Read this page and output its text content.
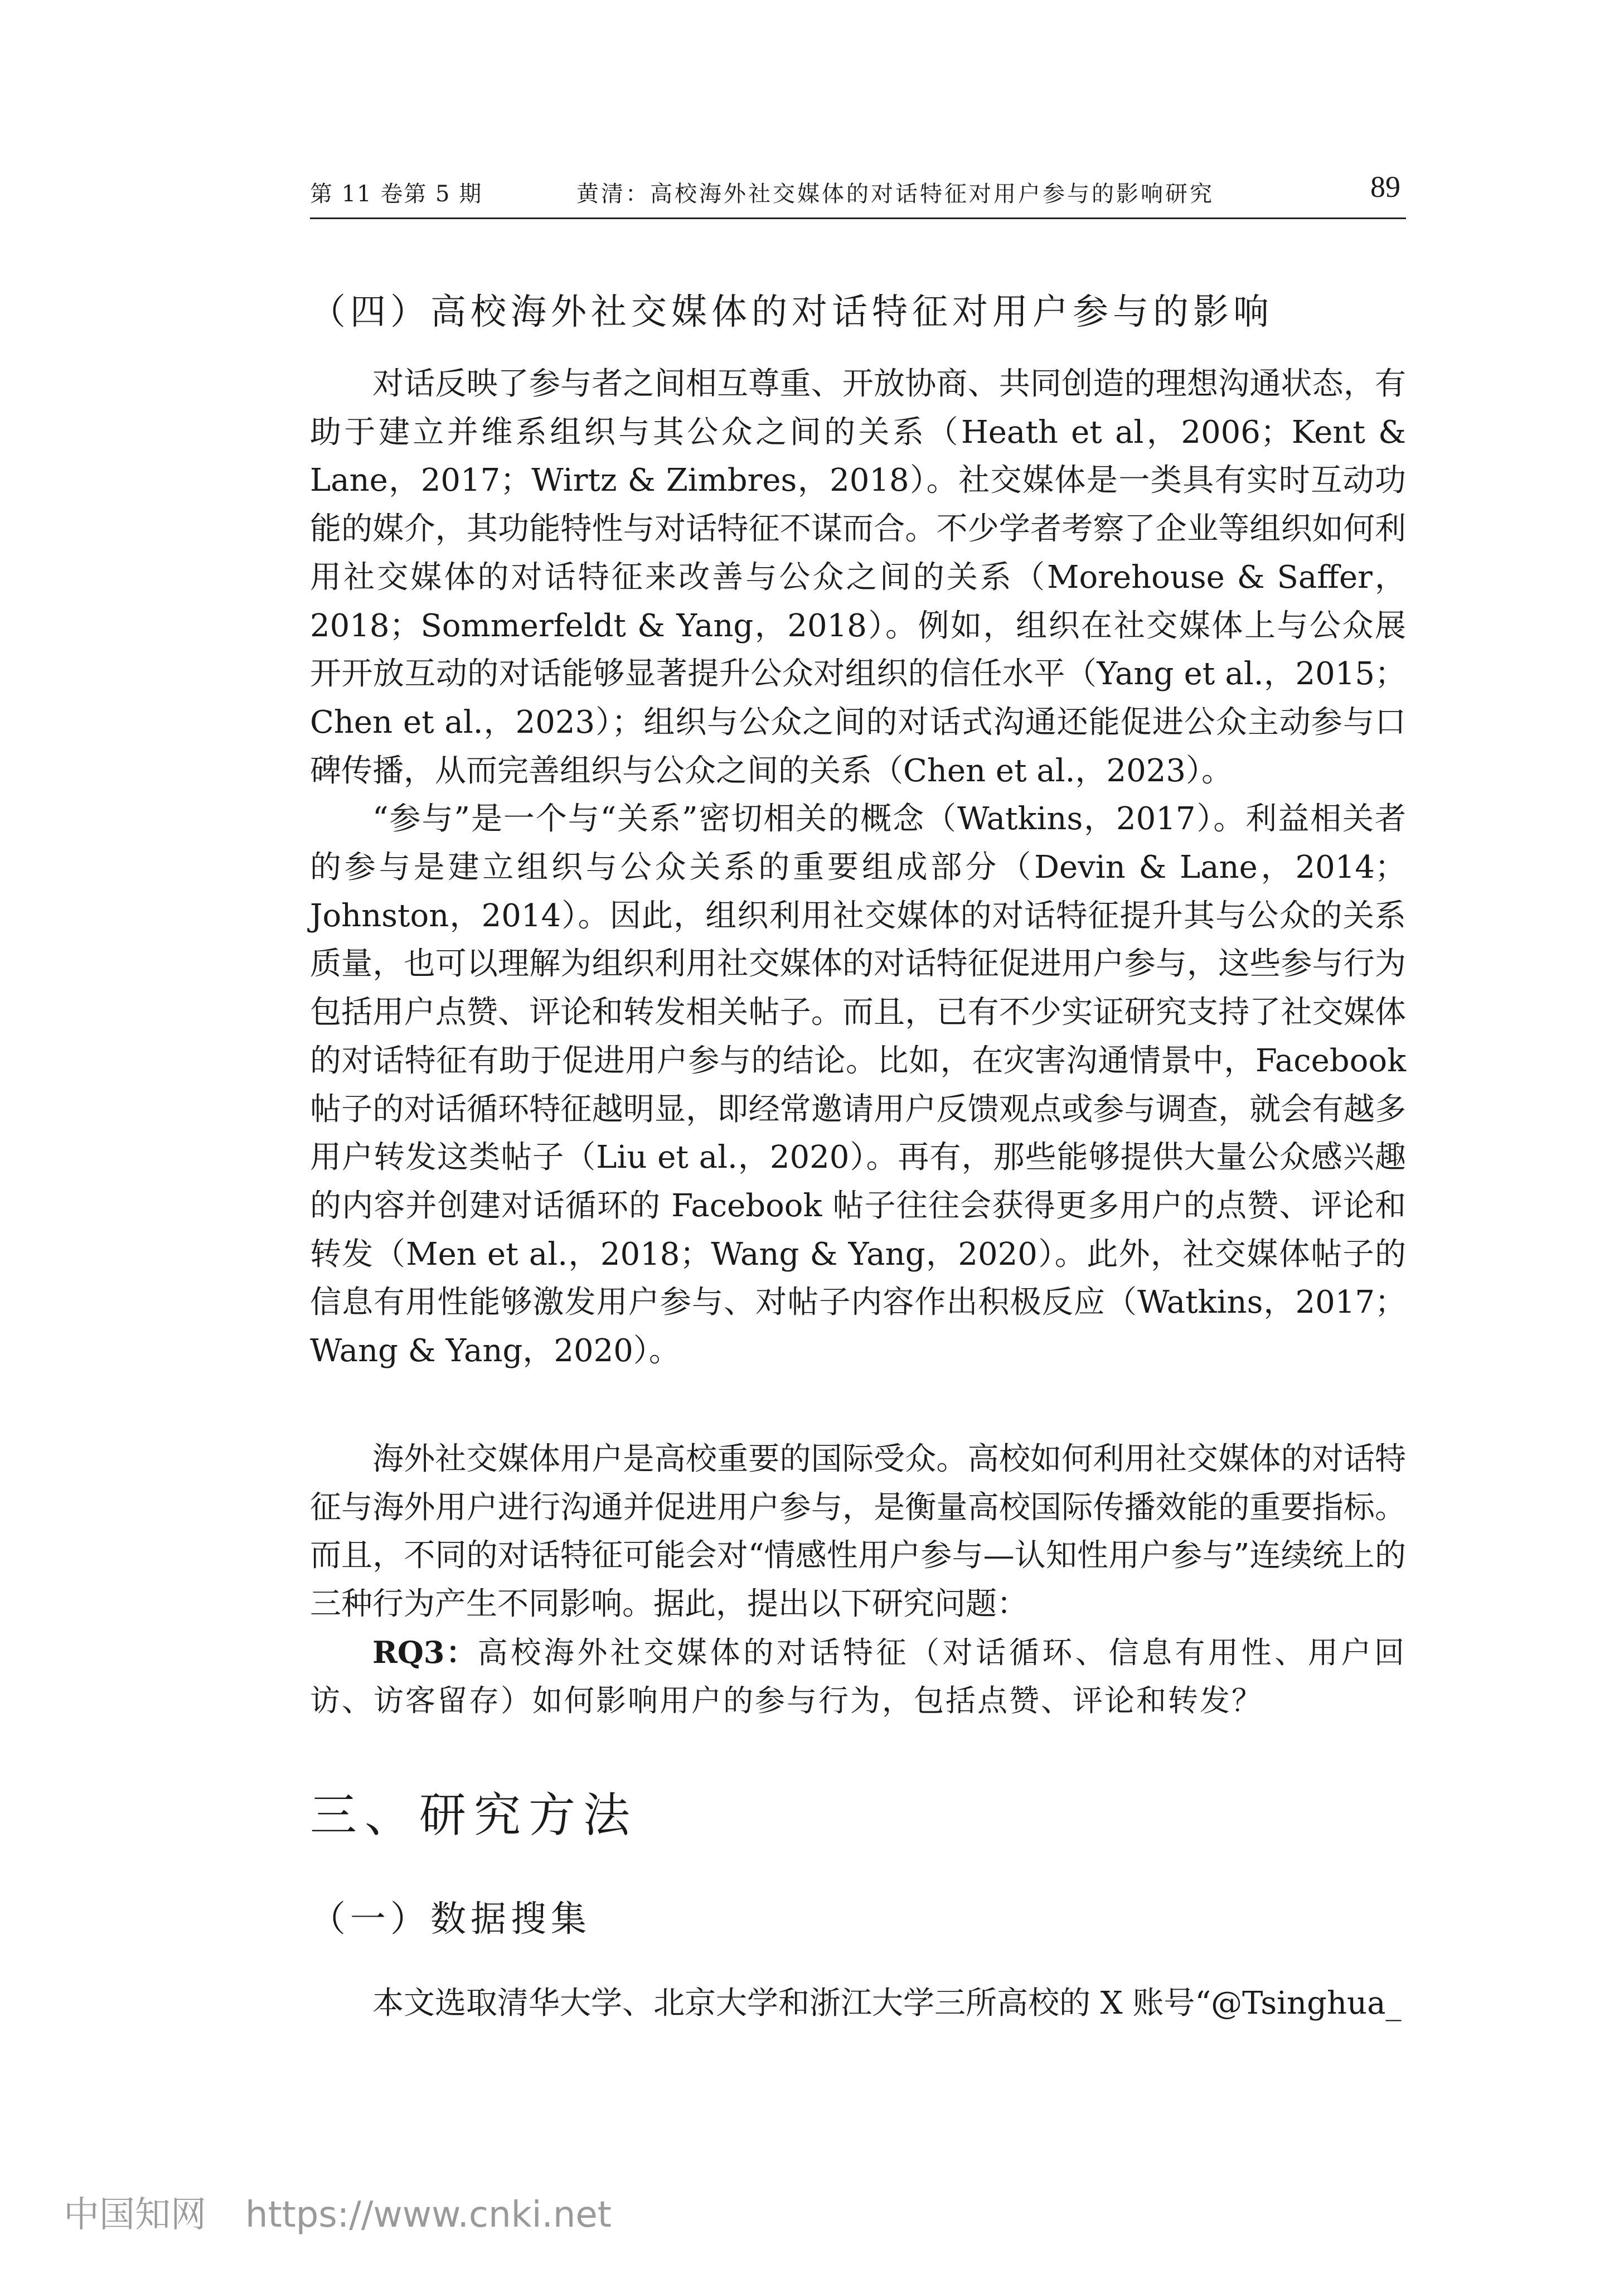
第 11 卷第 5 期	黄清：高校海外社交媒体的对话特征对用户参与的影响研究	89
（四）高校海外社交媒体的对话特征对用户参与的影响

对话反映了参与者之间相互尊重、开放协商、共同创造的理想沟通状态，有助于建立并维系组织与其公众之间的关系（Heath et al，2006；Kent & Lane，2017；Wirtz & Zimbres，2018）。社交媒体是一类具有实时互动功能的媒介，其功能特性与对话特征不谋而合。不少学者考察了企业等组织如何利用社交媒体的对话特征来改善与公众之间的关系（Morehouse & Saffer，2018；Sommerfeldt & Yang，2018）。例如，组织在社交媒体上与公众展开开放互动的对话能够显著提升公众对组织的信任水平（Yang et al.，2015；Chen et al.，2023）；组织与公众之间的对话式沟通还能促进公众主动参与口碑传播，从而完善组织与公众之间的关系（Chen et al.，2023）。

“参与”是一个与“关系”密切相关的概念（Watkins，2017）。利益相关者的参与是建立组织与公众关系的重要组成部分（Devin & Lane，2014；Johnston，2014）。因此，组织利用社交媒体的对话特征提升其与公众的关系质量，也可以理解为组织利用社交媒体的对话特征促进用户参与，这些参与行为包括用户点赞、评论和转发相关帖子。而且，已有不少实证研究支持了社交媒体的对话特征有助于促进用户参与的结论。比如，在灾害沟通情景中，Facebook 帖子的对话循环特征越明显，即经常邀请用户反馈观点或参与调查，就会有越多用户转发这类帖子（Liu et al.，2020）。再有，那些能够提供大量公众感兴趣的内容并创建对话循环的 Facebook 帖子往往会获得更多用户的点赞、评论和转发（Men et al.，2018；Wang & Yang，2020）。此外，社交媒体帖子的信息有用性能够激发用户参与、对帖子内容作出积极反应（Watkins，2017；Wang & Yang，2020）。

海外社交媒体用户是高校重要的国际受众。高校如何利用社交媒体的对话特征与海外用户进行沟通并促进用户参与，是衡量高校国际传播效能的重要指标。而且，不同的对话特征可能会对“情感性用户参与—认知性用户参与”连续统上的三种行为产生不同影响。据此，提出以下研究问题：

RQ3：高校海外社交媒体的对话特征（对话循环、信息有用性、用户回访、访客留存）如何影响用户的参与行为，包括点赞、评论和转发？
三、研究方法
（一）数据搜集

本文选取清华大学、北京大学和浙江大学三所高校的 X 账号“@Tsinghua_

中国知网 https://www.cnki.net
